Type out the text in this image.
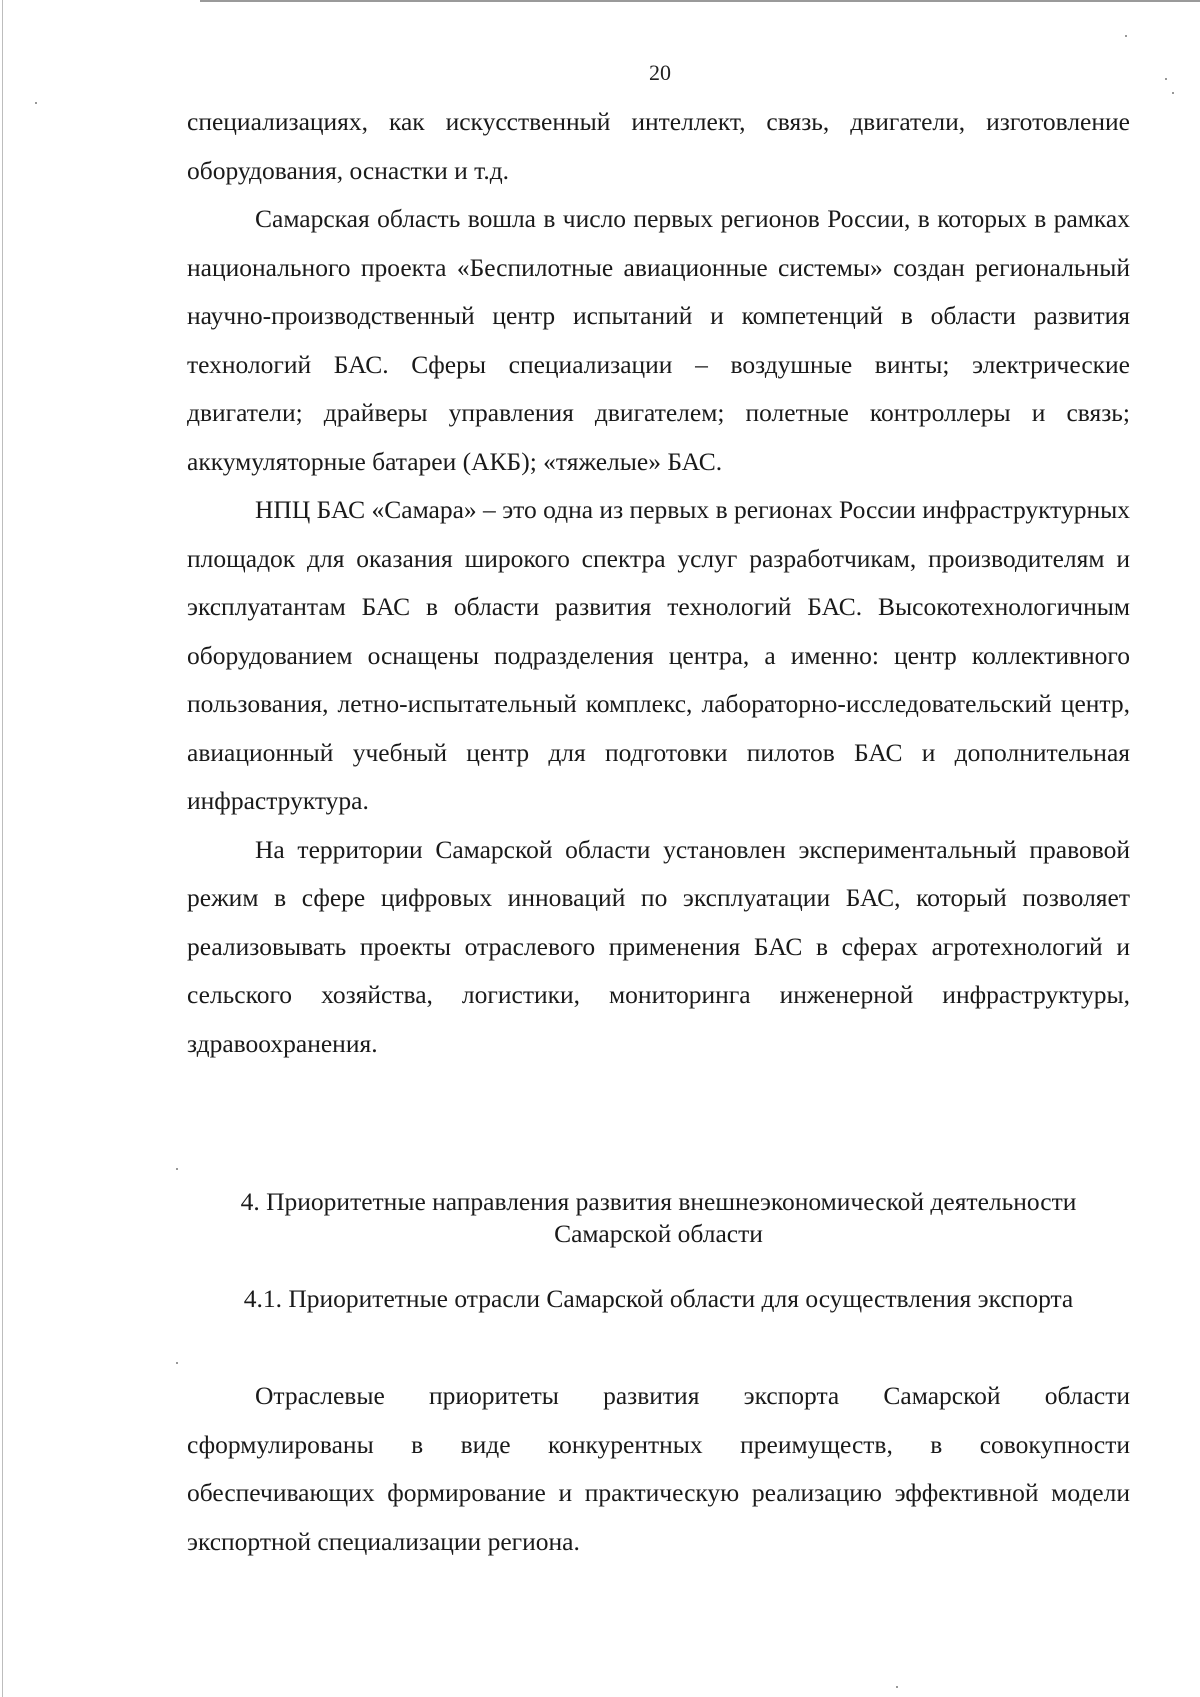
20

специализациях, как искусственный интеллект, связь, двигатели, изготовление оборудования, оснастки и т.д.

Самарская область вошла в число первых регионов России, в которых в рамках национального проекта «Беспилотные авиационные системы» создан региональный научно-производственный центр испытаний и компетенций в области развития технологий БАС. Сферы специализации – воздушные винты; электрические двигатели; драйверы управления двигателем; полетные контроллеры и связь; аккумуляторные батареи (АКБ); «тяжелые» БАС.

НПЦ БАС «Самара» – это одна из первых в регионах России инфраструктурных площадок для оказания широкого спектра услуг разработчикам, производителям и эксплуатантам БАС в области развития технологий БАС. Высокотехнологичным оборудованием оснащены подразделения центра, а именно: центр коллективного пользования, летно-испытательный комплекс, лабораторно-исследовательский центр, авиационный учебный центр для подготовки пилотов БАС и дополнительная инфраструктура.

На территории Самарской области установлен экспериментальный правовой режим в сфере цифровых инноваций по эксплуатации БАС, который позволяет реализовывать проекты отраслевого применения БАС в сферах агротехнологий и сельского хозяйства, логистики, мониторинга инженерной инфраструктуры, здравоохранения.

4. Приоритетные направления развития внешнеэкономической деятельности Самарской области
4.1. Приоритетные отрасли Самарской области для осуществления экспорта

Отраслевые приоритеты развития экспорта Самарской области сформулированы в виде конкурентных преимуществ, в совокупности обеспечивающих формирование и практическую реализацию эффективной модели экспортной специализации региона.
